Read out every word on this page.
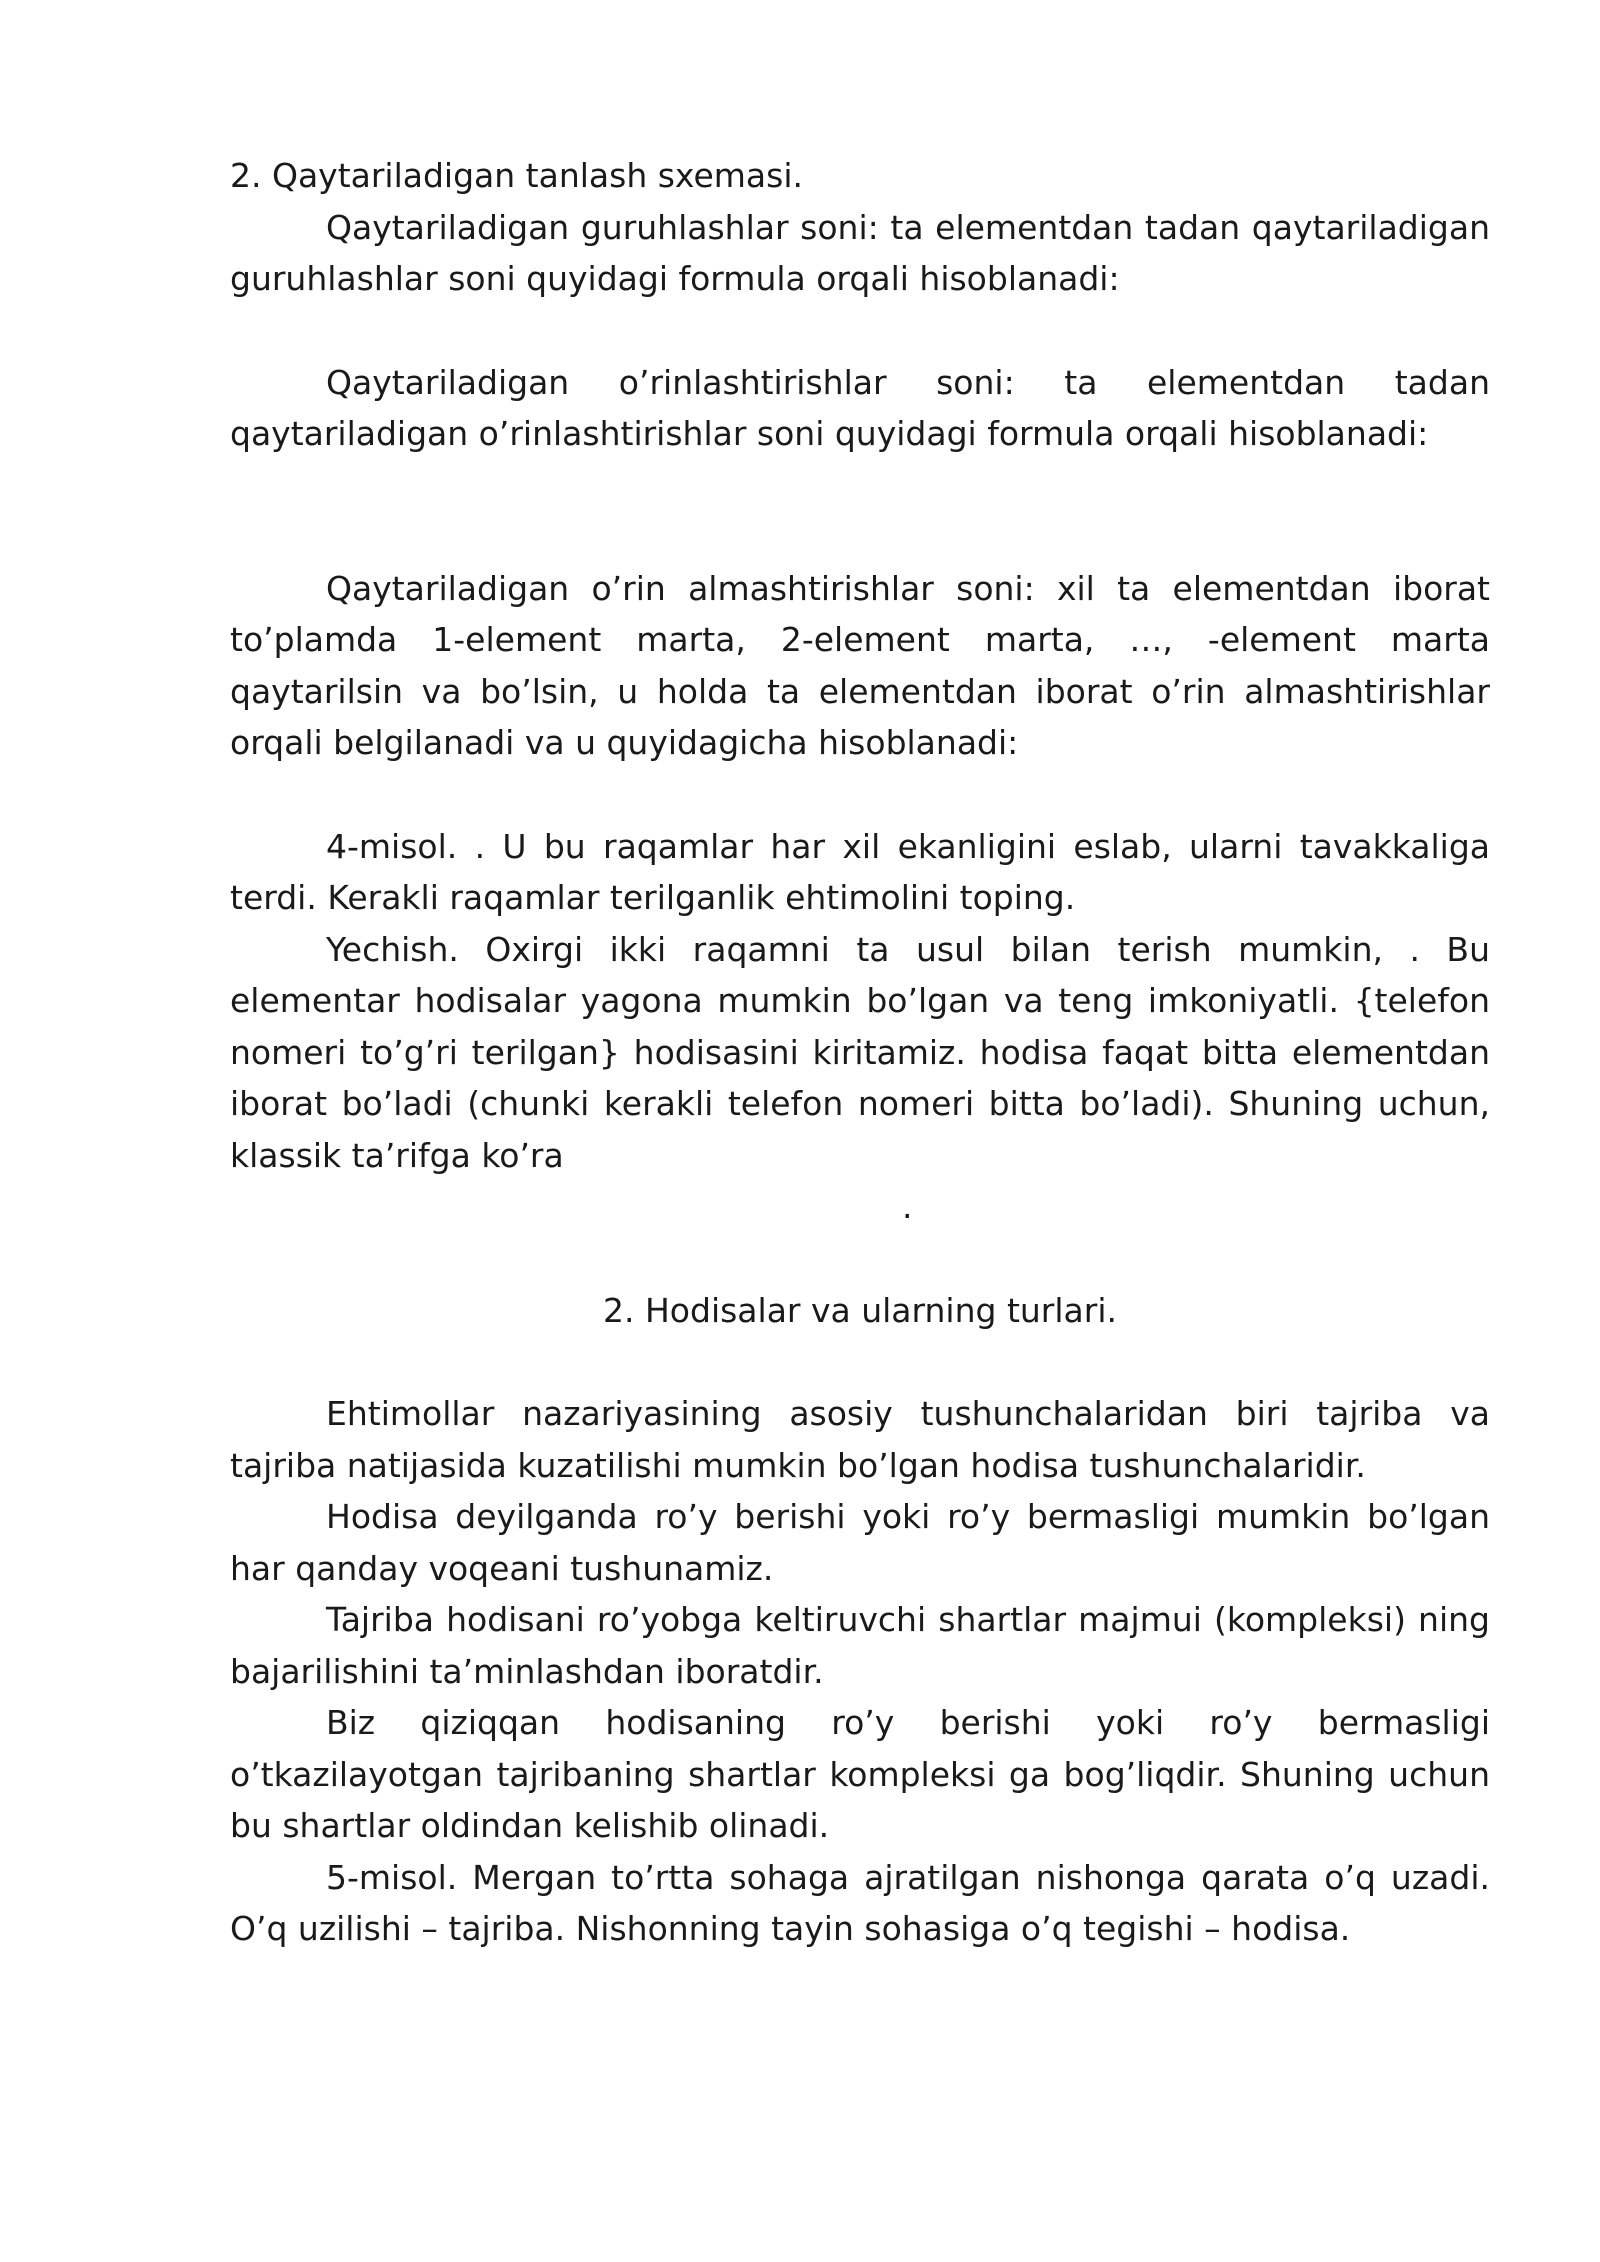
2. Qaytariladigan tanlash sxemasi.

Qaytariladigan guruhlashlar soni: ta elementdan tadan qaytariladigan guruhlashlar soni quyidagi formula orqali hisoblanadi:

Qaytariladigan o’rinlashtirishlar soni: ta elementdan tadan qaytariladigan o’rinlashtirishlar soni quyidagi formula orqali hisoblanadi:

Qaytariladigan o’rin almashtirishlar soni: xil ta elementdan iborat to’plamda 1-element marta, 2-element marta, …, -element marta qaytarilsin va bo’lsin, u holda ta elementdan iborat o’rin almashtirishlar orqali belgilanadi va u quyidagicha hisoblanadi:

4-misol. . U bu raqamlar har xil ekanligini eslab, ularni tavakkaliga terdi. Kerakli raqamlar terilganlik ehtimolini toping.

Yechish. Oxirgi ikki raqamni ta usul bilan terish mumkin, . Bu elementar hodisalar yagona mumkin bo’lgan va teng imkoniyatli. {telefon nomeri to’g’ri terilgan} hodisasini kiritamiz. hodisa faqat bitta elementdan iborat bo’ladi (chunki kerakli telefon nomeri bitta bo’ladi). Shuning uchun, klassik ta’rifga ko’ra

.

2. Hodisalar va ularning turlari.

Ehtimollar nazariyasining asosiy tushunchalaridan biri tajriba va tajriba natijasida kuzatilishi mumkin bo’lgan hodisa tushunchalaridir.

Hodisa deyilganda ro’y berishi yoki ro’y bermasligi mumkin bo’lgan har qanday voqeani tushunamiz.

Tajriba hodisani ro’yobga keltiruvchi shartlar majmui (kompleksi) ning bajarilishini ta’minlashdan iboratdir.

Biz qiziqqan hodisaning ro’y berishi yoki ro’y bermasligi o’tkazilayotgan tajribaning shartlar kompleksi ga bog’liqdir. Shuning uchun bu shartlar oldindan kelishib olinadi.

5-misol. Mergan to’rtta sohaga ajratilgan nishonga qarata o’q uzadi. O’q uzilishi – tajriba. Nishonning tayin sohasiga o’q tegishi – hodisa.
